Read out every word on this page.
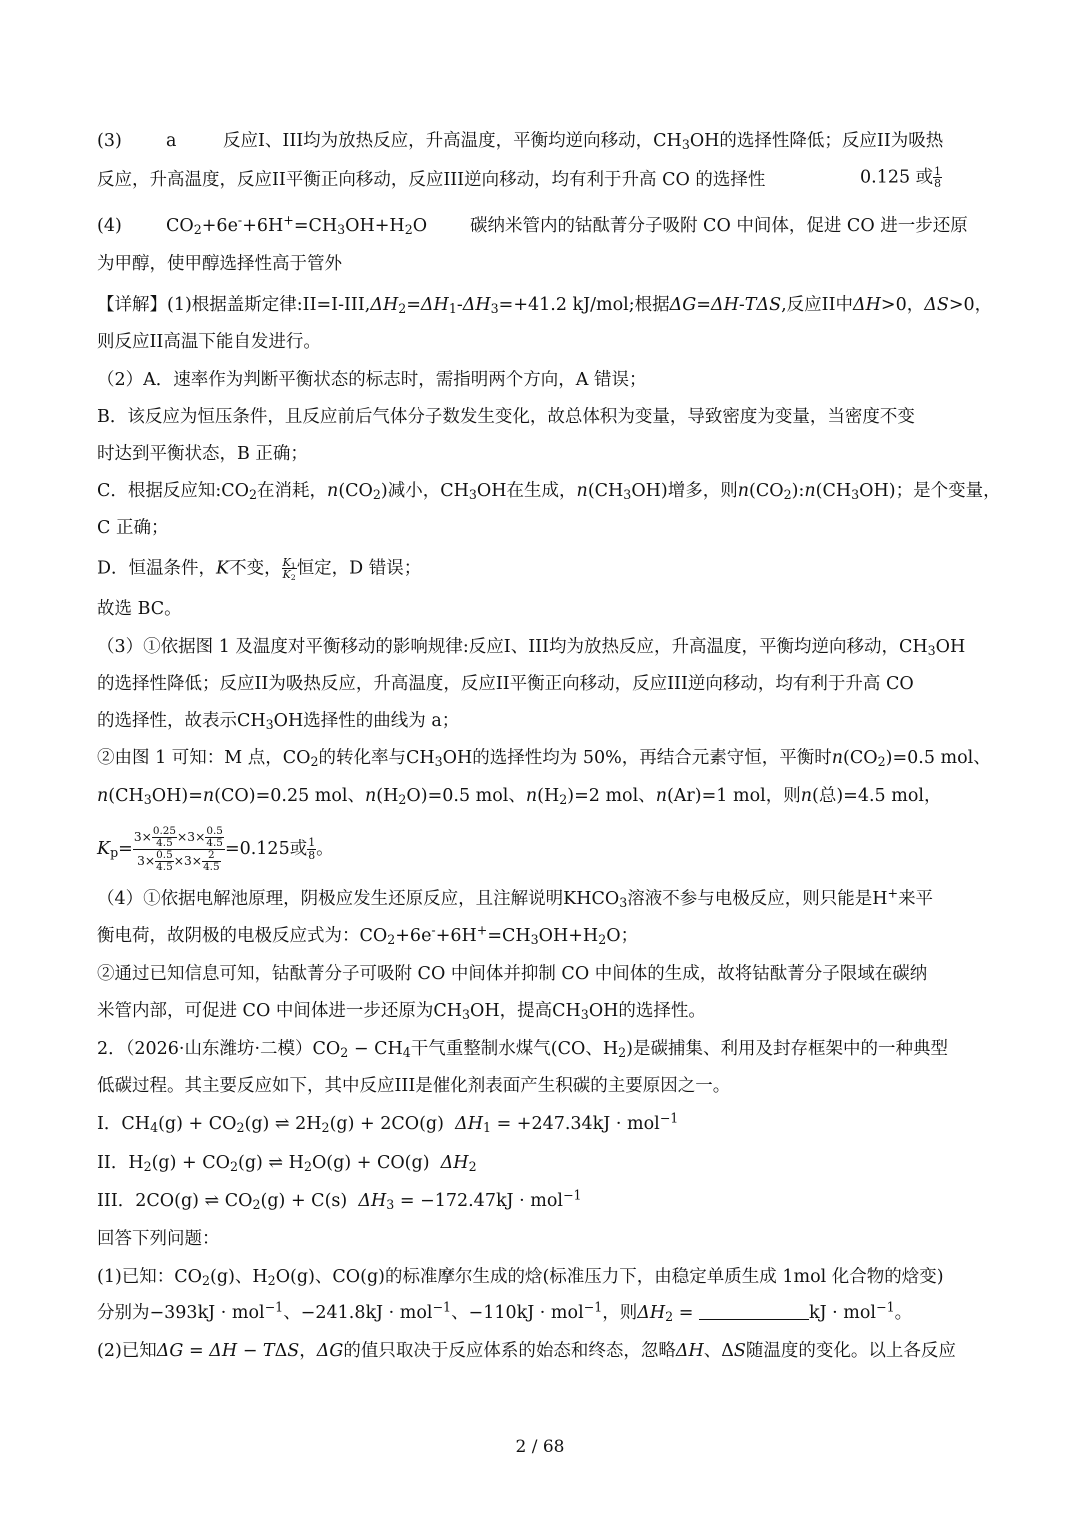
(3)	a	反应I、III均为放热反应，升高温度，平衡均逆向移动，$CH_3OH$的选择性降低；反应II为吸热
反应，升高温度，反应II平衡正向移动，反应III逆向移动，均有利于升高 CO 的选择性	0.125 或 $\frac{1}{8}$
(4)	$CO_2+6e^-+6H^+=CH_3OH+H_2O$ 碳纳米管内的钴酞菁分子吸附 CO 中间体，促进 CO 进一步还原
为甲醇，使甲醇选择性高于管外
【详解】(1)根据盖斯定律$:II=I-III,\Delta H_2=\Delta H_1-\Delta H_3=+41.2$ kJ/mol;根据ΔG=ΔH-TΔS,反应II中ΔH>0，ΔS>0，
则反应II高温下能自发进行。
（2）A．速率作为判断平衡状态的标志时，需指明两个方向，A 错误；
B．该反应为恒压条件，且反应前后气体分子数发生变化，故总体积为变量，导致密度为变量，当密度不变
时达到平衡状态，B 正确；
C．根据反应知$:CO_2$在消耗，$n(CO_2)$减小，$CH_3OH$在生成，$n(CH_3OH)$增多，则$n(CO_2):n(CH_3OH)$；是个变量，
C 正确；
D．恒温条件，K不变， $\frac{K_1}{K_2}$ 恒定，D 错误；
故选 BC。
（3）①依据图 1 及温度对平衡移动的影响规律:反应I、III均为放热反应，升高温度，平衡均逆向移动，$CH_3OH$
的选择性降低；反应II为吸热反应，升高温度，反应II平衡正向移动，反应III逆向移动，均有利于升高 CO
的选择性，故表示$CH_3OH$选择性的曲线为 a；
②由图 1 可知：M 点，$CO_2$的转化率与$CH_3OH$的选择性均为 50%，再结合元素守恒，平衡时$n(CO_2)=0.5$ mol、
$n(CH_3OH)=n(CO)=0.25$ mol、$n(H_2O)=0.5$ mol、$n(H_2)=2$ mol、n(Ar)=1 mol，则n(总)=4.5 mol，
$K_p= \frac{3\times \frac{0.25}{4.5} \times 3\times \frac{0.5}{4.5}}{3\times \frac{0.5}{4.5} \times 3\times \frac{2}{4.5}} =0.125$或 $\frac{1}{8}$ 。
（4）①依据电解池原理，阴极应发生还原反应，且注解说明$KHCO_3$溶液不参与电极反应，则只能是H+来平
衡电荷，故阴极的电极反应式为：$CO_2+6e^-+6H^+=CH_3OH+H_2O$；
②通过已知信息可知，钴酞菁分子可吸附 CO 中间体并抑制 CO 中间体的生成，故将钴酞菁分子限域在碳纳
米管内部，可促进 CO 中间体进一步还原为$CH_3OH$，提高$CH_3OH$的选择性。
2．（2026·山东潍坊·二模）$CO_2 - CH_4$干气重整制水煤气(CO、$H_2$)是碳捕集、利用及封存框架中的一种典型
低碳过程。其主要反应如下，其中反应III是催化剂表面产生积碳的主要原因之一。
I．$CH_4(g) + CO_2(g)$ ⇌ $2H_2(g) + 2CO(g) \Delta H_1 = +247.34kJ \cdot mol^{-1}$
II．$H_2(g) + CO_2(g)$ ⇌ $H_2O(g) + CO(g)$  $\Delta H_2$
III．2CO(g) ⇌ $CO_2(g) + C(s) \Delta H_3 = -172.47kJ \cdot mol^{-1}$
回答下列问题：
(1)已知：$CO_2(g)$、$H_2O(g)$、CO(g)的标准摩尔生成的焓(标准压力下，由稳定单质生成 1mol 化合物的焓变)
分别为−393kJ · mol$^{-1}$、−241.8kJ · mol$^{-1}$、−110kJ · mol$^{-1}$，则$\Delta H_2$ =	kJ · mol$^{-1}$。
(2)已知ΔG = ΔH − TΔS，ΔG的值只取决于反应体系的始态和终态，忽略ΔH、ΔS随温度的变化。以上各反应
2 / 68
